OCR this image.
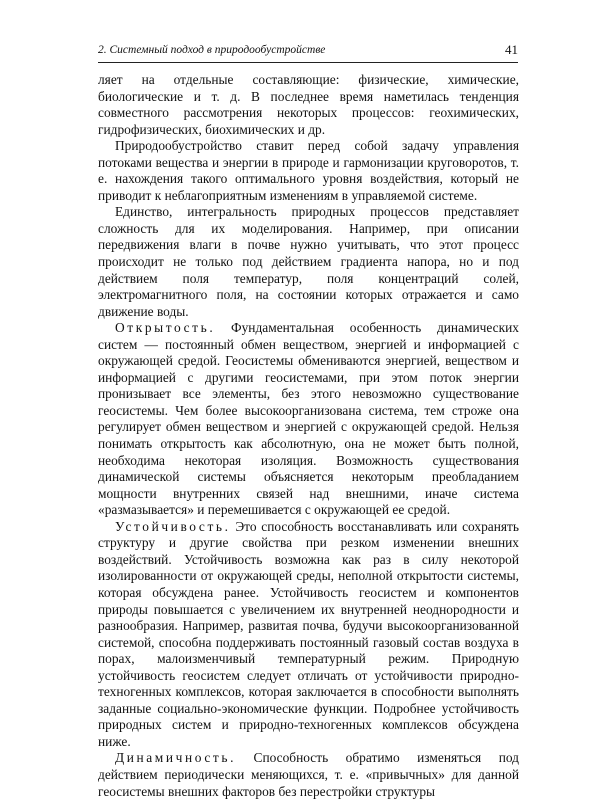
2. Системный подход в природообустройстве	41

ляет на отдельные составляющие: физические, химические, биологические и т. д. В последнее время наметилась тенденция совместного рассмотрения некоторых процессов: геохимических, гидрофизических, биохимических и др.

Природообустройство ставит перед собой задачу управления потоками вещества и энергии в природе и гармонизации круговоротов, т. е. нахождения такого оптимального уровня воздействия, который не приводит к неблагоприятным изменениям в управляемой системе.

Единство, интегральность природных процессов представляет сложность для их моделирования. Например, при описании передвижения влаги в почве нужно учитывать, что этот процесс происходит не только под действием градиента напора, но и под действием поля температур, поля концентраций солей, электромагнитного поля, на состоянии которых отражается и само движение воды.

Открытость. Фундаментальная особенность динамических систем — постоянный обмен веществом, энергией и информацией с окружающей средой. Геосистемы обмениваются энергией, веществом и информацией с другими геосистемами, при этом поток энергии пронизывает все элементы, без этого невозможно существование геосистемы. Чем более высокоорганизована система, тем строже она регулирует обмен веществом и энергией с окружающей средой. Нельзя понимать открытость как абсолютную, она не может быть полной, необходима некоторая изоляция. Возможность существования динамической системы объясняется некоторым преобладанием мощности внутренних связей над внешними, иначе система «размазывается» и перемешивается с окружающей ее средой.

Устойчивость. Это способность восстанавливать или сохранять структуру и другие свойства при резком изменении внешних воздействий. Устойчивость возможна как раз в силу некоторой изолированности от окружающей среды, неполной открытости системы, которая обсуждена ранее. Устойчивость геосистем и компонентов природы повышается с увеличением их внутренней неоднородности и разнообразия. Например, развитая почва, будучи высокоорганизованной системой, способна поддерживать постоянный газовый состав воздуха в порах, малоизменчивый температурный режим. Природную устойчивость геосистем следует отличать от устойчивости природно-техногенных комплексов, которая заключается в способности выполнять заданные социально-экономические функции. Подробнее устойчивость природных систем и природно-техногенных комплексов обсуждена ниже.

Динамичность. Способность обратимо изменяться под действием периодически меняющихся, т. е. «привычных» для данной геосистемы внешних факторов без перестройки структуры
